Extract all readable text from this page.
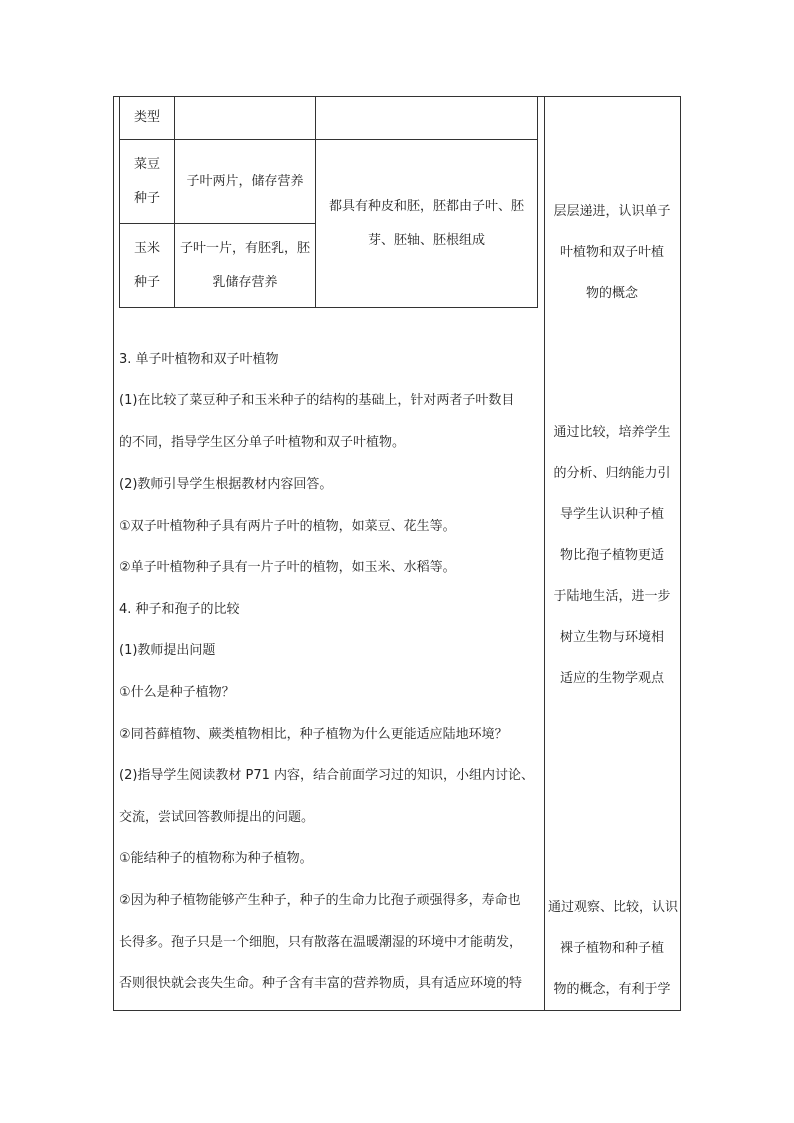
类型		
菜豆
种子	子叶两片，储存营养	都具有种皮和胚，胚都由子叶、胚
芽、胚轴、胚根组成
玉米
种子	子叶一片，有胚乳，胚
乳储存营养	
3. 单子叶植物和双子叶植物
(1)在比较了菜豆种子和玉米种子的结构的基础上，针对两者子叶数目
的不同，指导学生区分单子叶植物和双子叶植物。
(2)教师引导学生根据教材内容回答。
①双子叶植物种子具有两片子叶的植物，如菜豆、花生等。
②单子叶植物种子具有一片子叶的植物，如玉米、水稻等。
4. 种子和孢子的比较
(1)教师提出问题
①什么是种子植物？
②同苔藓植物、蕨类植物相比，种子植物为什么更能适应陆地环境？
(2)指导学生阅读教材 P71 内容，结合前面学习过的知识，小组内讨论、
交流，尝试回答教师提出的问题。
①能结种子的植物称为种子植物。
②因为种子植物能够产生种子，种子的生命力比孢子顽强得多，寿命也
长得多。孢子只是一个细胞，只有散落在温暖潮湿的环境中才能萌发，
否则很快就会丧失生命。种子含有丰富的营养物质，具有适应环境的特
层层递进，认识单子
叶植物和双子叶植
物的概念
通过比较，培养学生
的分析、归纳能力引
导学生认识种子植
物比孢子植物更适
于陆地生活，进一步
树立生物与环境相
适应的生物学观点
通过观察、比较，认识
裸子植物和种子植
物的概念，有利于学
